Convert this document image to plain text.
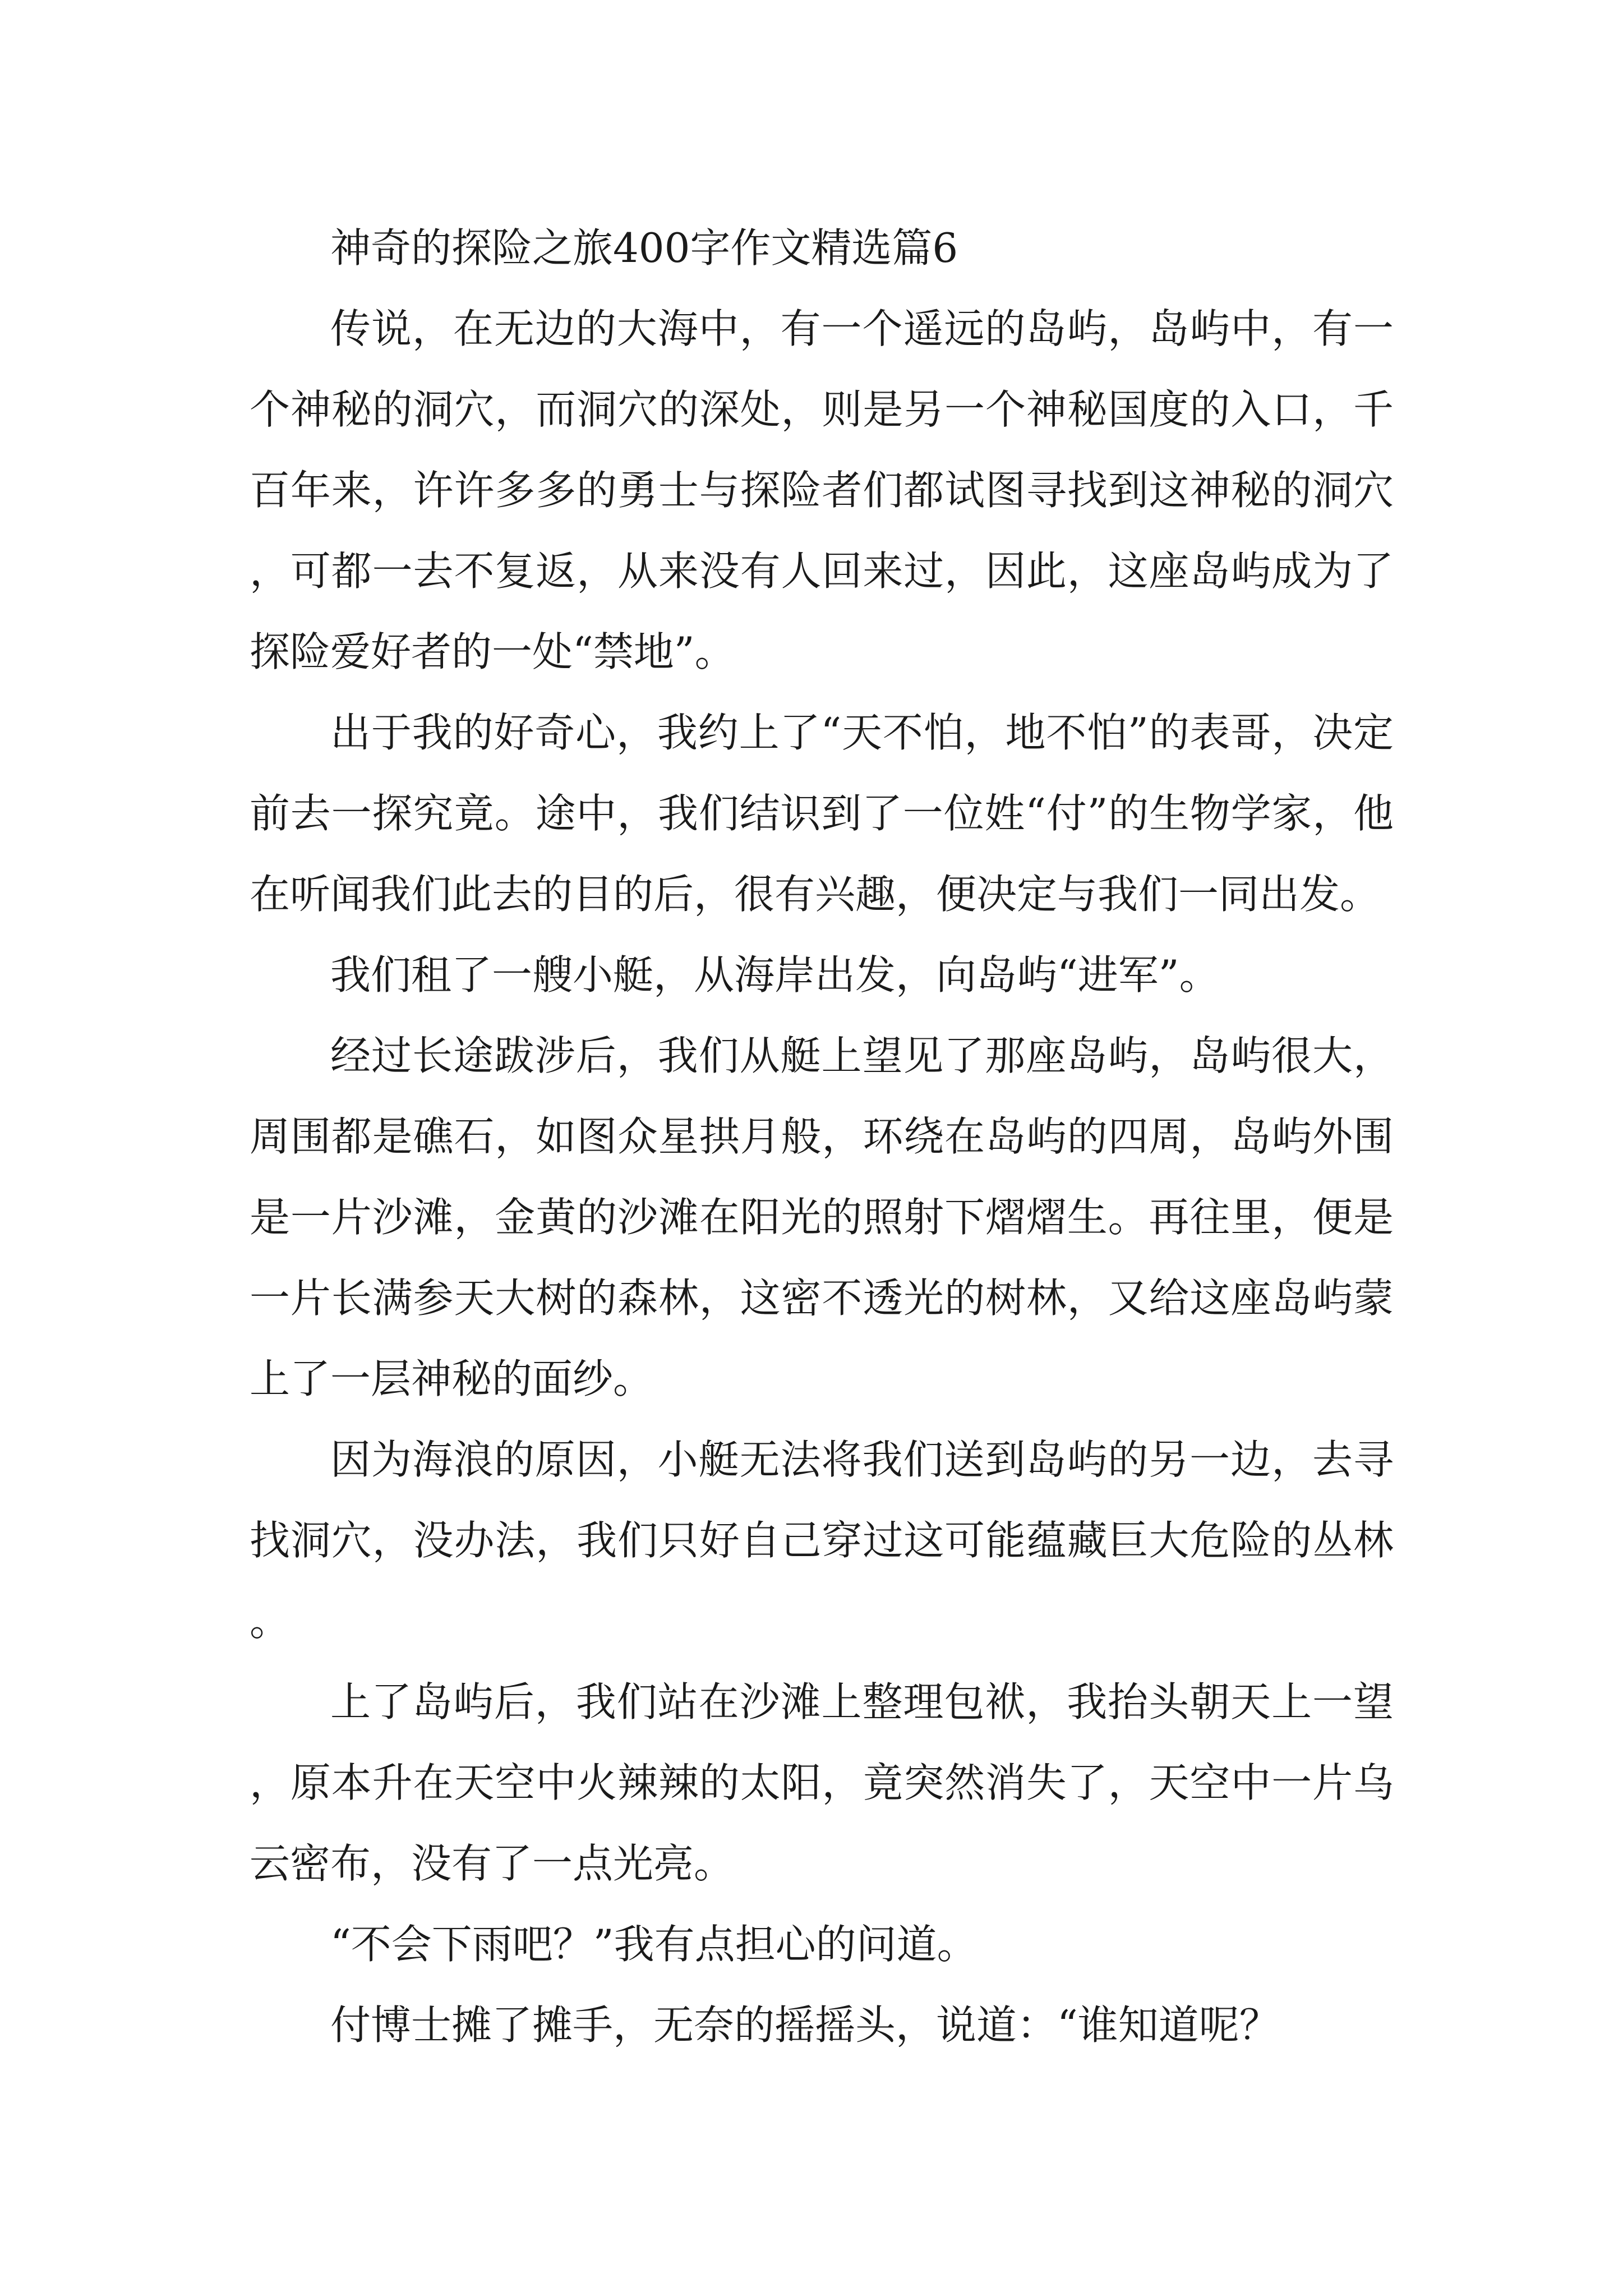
神奇的探险之旅400字作文精选篇6

传说，在无边的大海中，有一个遥远的岛屿，岛屿中，有一个神秘的洞穴，而洞穴的深处，则是另一个神秘国度的入口，千百年来，许许多多的勇士与探险者们都试图寻找到这神秘的洞穴，可都一去不复返，从来没有人回来过，因此，这座岛屿成为了探险爱好者的一处“禁地”。

出于我的好奇心，我约上了“天不怕，地不怕”的表哥，决定前去一探究竟。途中，我们结识到了一位姓“付”的生物学家，他在听闻我们此去的目的后，很有兴趣，便决定与我们一同出发。

我们租了一艘小艇，从海岸出发，向岛屿“进军”。

经过长途跋涉后，我们从艇上望见了那座岛屿，岛屿很大，周围都是礁石，如图众星拱月般，环绕在岛屿的四周，岛屿外围是一片沙滩，金黄的沙滩在阳光的照射下熠熠生。再往里，便是一片长满参天大树的森林，这密不透光的树林，又给这座岛屿蒙上了一层神秘的面纱。

因为海浪的原因，小艇无法将我们送到岛屿的另一边，去寻找洞穴，没办法，我们只好自己穿过这可能蕴藏巨大危险的丛林。

上了岛屿后，我们站在沙滩上整理包袱，我抬头朝天上一望，原本升在天空中火辣辣的太阳，竟突然消失了，天空中一片乌云密布，没有了一点光亮。

“不会下雨吧？”我有点担心的问道。

付博士摊了摊手，无奈的摇摇头，说道：“谁知道呢？
